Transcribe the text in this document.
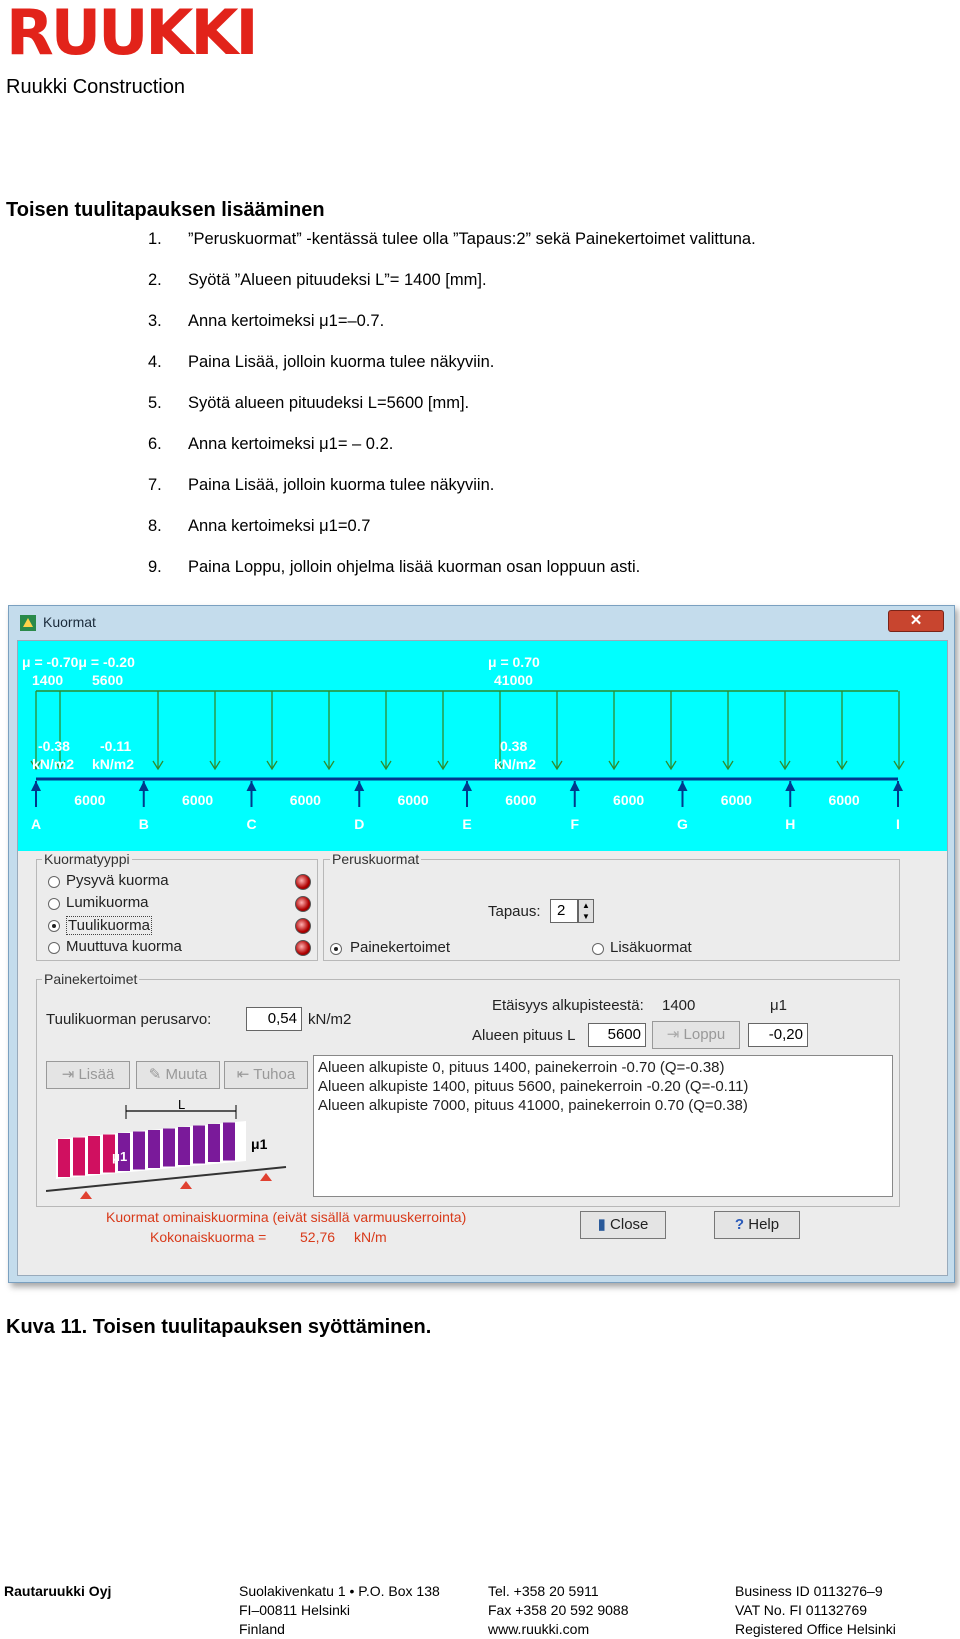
RUUKKI
Ruukki Construction
Toisen tuulitapauksen lisääminen
1. ”Peruskuormat” -kentässä tulee olla ”Tapaus:2” sekä Painekertoimet valittuna.
2. Syötä ”Alueen pituudeksi L”= 1400 [mm].
3. Anna kertoimeksi μ1=–0.7.
4. Paina Lisää, jolloin kuorma tulee näkyviin.
5. Syötä alueen pituudeksi L=5600 [mm].
6. Anna kertoimeksi μ1= – 0.2.
7. Paina Lisää, jolloin kuorma tulee näkyviin.
8. Anna kertoimeksi μ1=0.7
9. Paina Loppu, jolloin ohjelma lisää kuorman osan loppuun asti.
Kuormat	✕
A	B	C	D	E	F	G	H	I
6000	6000	6000	6000	6000	6000	6000	6000
μ = -0.70μ = -0.20
1400 5600
μ = 0.70
41000
-0.38
kN/m2
-0.11
kN/m2
0.38
kN/m2
Kuormatyyppi
Pysyvä kuorma
Lumikuorma
Tuulikuorma
Muuttuva kuorma
Peruskuormat
Tapaus:	2	▲
▼
Painekertoimet	Lisäkuormat
Painekertoimet
Tuulikuorman perusarvo:	0,54 kN/m2
Etäisyys alkupisteestä: 1400	μ1
Alueen pituus L	5600	⇥ Loppu	-0,20
⇥ Lisää	✎ Muuta	⇤ Tuhoa	Alueen alkupiste 0, pituus 1400, painekerroin -0.70 (Q=-0.38)
Alueen alkupiste 1400, pituus 5600, painekerroin -0.20 (Q=-0.11)
Alueen alkupiste 7000, pituus 41000, painekerroin 0.70 (Q=0.38)
L
μ1
μ1
Kuormat ominaiskuormina (eivät sisällä varmuuskerrointa)
Kokonaiskuorma = 52,76 kN/m
▮ Close	? Help
Kuva 11. Toisen tuulitapauksen syöttäminen.
Rautaruukki Oyj	Suolakivenkatu 1 • P.O. Box 138
FI–00811 Helsinki
Finland
Tel. +358 20 5911
Fax +358 20 592 9088
www.ruukki.com
Business ID 0113276–9
VAT No. FI 01132769
Registered Office Helsinki
